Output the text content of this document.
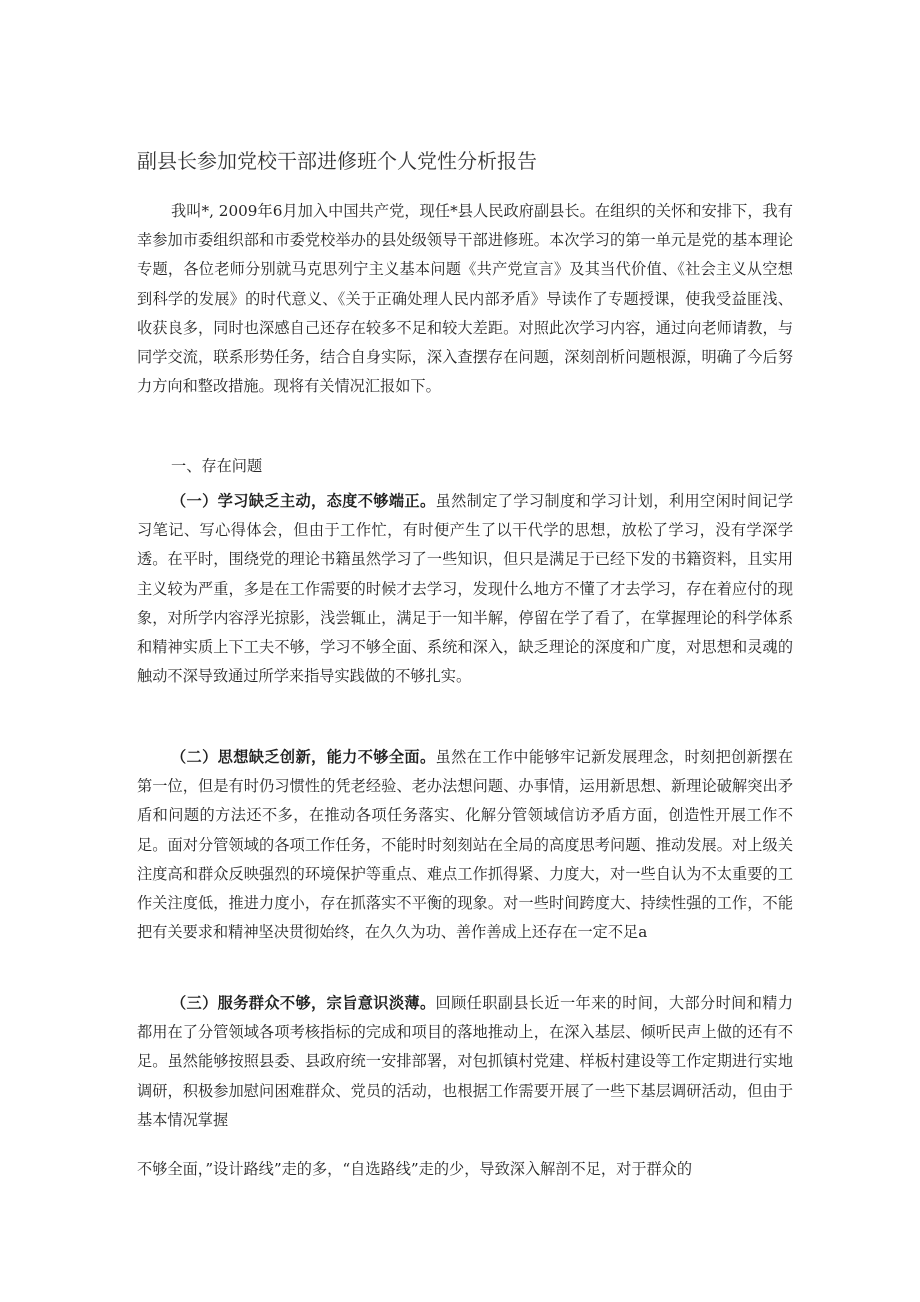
副县长参加党校干部进修班个人党性分析报告

我叫*, 2009年6月加入中国共产党，现任*县人民政府副县长。在组织的关怀和安排下，我有幸参加市委组织部和市委党校举办的县处级领导干部进修班。本次学习的第一单元是党的基本理论专题，各位老师分别就马克思列宁主义基本问题《共产党宣言》及其当代价值、《社会主义从空想到科学的发展》的时代意义、《关于正确处理人民内部矛盾》导读作了专题授课，使我受益匪浅、收获良多，同时也深感自己还存在较多不足和较大差距。对照此次学习内容，通过向老师请教，与同学交流，联系形势任务，结合自身实际，深入查摆存在问题，深刻剖析问题根源，明确了今后努力方向和整改措施。现将有关情况汇报如下。

一、存在问题

（一）学习缺乏主动，态度不够端正。虽然制定了学习制度和学习计划，利用空闲时间记学习笔记、写心得体会，但由于工作忙，有时便产生了以干代学的思想，放松了学习，没有学深学透。在平时，围绕党的理论书籍虽然学习了一些知识，但只是满足于已经下发的书籍资料，且实用主义较为严重，多是在工作需要的时候才去学习，发现什么地方不懂了才去学习，存在着应付的现象，对所学内容浮光掠影，浅尝辄止，满足于一知半解，停留在学了看了，在掌握理论的科学体系和精神实质上下工夫不够，学习不够全面、系统和深入，缺乏理论的深度和广度，对思想和灵魂的触动不深导致通过所学来指导实践做的不够扎实。

（二）思想缺乏创新，能力不够全面。虽然在工作中能够牢记新发展理念，时刻把创新摆在第一位，但是有时仍习惯性的凭老经验、老办法想问题、办事情，运用新思想、新理论破解突出矛盾和问题的方法还不多，在推动各项任务落实、化解分管领域信访矛盾方面，创造性开展工作不足。面对分管领域的各项工作任务，不能时时刻刻站在全局的高度思考问题、推动发展。对上级关注度高和群众反映强烈的环境保护等重点、难点工作抓得紧、力度大，对一些自认为不太重要的工作关注度低，推进力度小，存在抓落实不平衡的现象。对一些时间跨度大、持续性强的工作，不能把有关要求和精神坚决贯彻始终，在久久为功、善作善成上还存在一定不足a

（三）服务群众不够，宗旨意识淡薄。回顾任职副县长近一年来的时间，大部分时间和精力都用在了分管领域各项考核指标的完成和项目的落地推动上，在深入基层、倾听民声上做的还有不足。虽然能够按照县委、县政府统一安排部署，对包抓镇村党建、样板村建设等工作定期进行实地调研，积极参加慰问困难群众、党员的活动，也根据工作需要开展了一些下基层调研活动，但由于基本情况掌握

不够全面，”设计路线”走的多，“自选路线”走的少，导致深入解剖不足，对于群众的
